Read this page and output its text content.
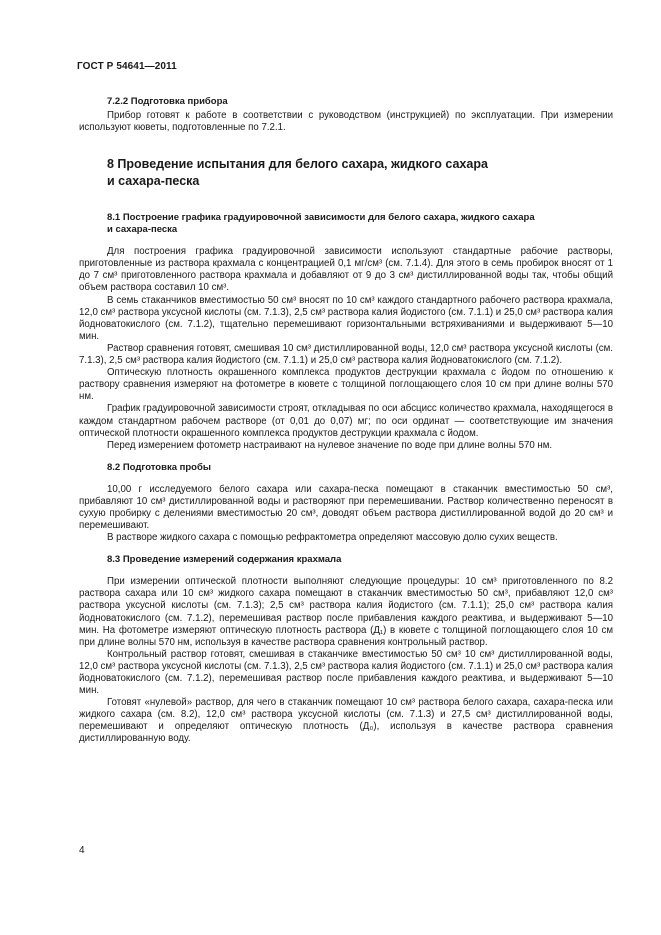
ГОСТ Р 54641—2011
7.2.2 Подготовка прибора

Прибор готовят к работе в соответствии с руководством (инструкцией) по эксплуатации. При измерении используют кюветы, подготовленные по 7.2.1.

8 Проведение испытания для белого сахара, жидкого сахара
и сахара-песка
8.1 Построение графика градуировочной зависимости для белого сахара, жидкого сахара
и сахара-песка

Для построения графика градуировочной зависимости используют стандартные рабочие растворы, приготовленные из раствора крахмала с концентрацией 0,1 мг/см³ (см. 7.1.4). Для этого в семь пробирок вносят от 1 до 7 см³ приготовленного раствора крахмала и добавляют от 9 до 3 см³ дистиллированной воды так, чтобы общий объем раствора составил 10 см³.

В семь стаканчиков вместимостью 50 см³ вносят по 10 см³ каждого стандартного рабочего раствора крахмала, 12,0 см³ раствора уксусной кислоты (см. 7.1.3), 2,5 см³ раствора калия йодистого (см. 7.1.1) и 25,0 см³ раствора калия йодноватокислого (см. 7.1.2), тщательно перемешивают горизонтальными встряхиваниями и выдерживают 5—10 мин.

Раствор сравнения готовят, смешивая 10 см³ дистиллированной воды, 12,0 см³ раствора уксусной кислоты (см. 7.1.3), 2,5 см³ раствора калия йодистого (см. 7.1.1) и 25,0 см³ раствора калия йодноватокислого (см. 7.1.2).

Оптическую плотность окрашенного комплекса продуктов деструкции крахмала с йодом по отношению к раствору сравнения измеряют на фотометре в кювете с толщиной поглощающего слоя 10 см при длине волны 570 нм.

График градуировочной зависимости строят, откладывая по оси абсцисс количество крахмала, находящегося в каждом стандартном рабочем растворе (от 0,01 до 0,07) мг; по оси ординат — соответствующие им значения оптической плотности окрашенного комплекса продуктов деструкции крахмала с йодом.

Перед измерением фотометр настраивают на нулевое значение по воде при длине волны 570 нм.

8.2 Подготовка пробы

10,00 г исследуемого белого сахара или сахара-песка помещают в стаканчик вместимостью 50 см³, прибавляют 10 см³ дистиллированной воды и растворяют при перемешивании. Раствор количественно переносят в сухую пробирку с делениями вместимостью 20 см³, доводят объем раствора дистиллированной водой до 20 см³ и перемешивают.

В растворе жидкого сахара с помощью рефрактометра определяют массовую долю сухих веществ.

8.3 Проведение измерений содержания крахмала

При измерении оптической плотности выполняют следующие процедуры: 10 см³ приготовленного по 8.2 раствора сахара или 10 см³ жидкого сахара помещают в стаканчик вместимостью 50 см³, прибавляют 12,0 см³ раствора уксусной кислоты (см. 7.1.3); 2,5 см³ раствора калия йодистого (см. 7.1.1); 25,0 см³ раствора калия йодноватокислого (см. 7.1.2), перемешивая раствор после прибавления каждого реактива, и выдерживают 5—10 мин. На фотометре измеряют оптическую плотность раствора (Д₁) в кювете с толщиной поглощающего слоя 10 см при длине волны 570 нм, используя в качестве раствора сравнения контрольный раствор.

Контрольный раствор готовят, смешивая в стаканчике вместимостью 50 см³ 10 см³ дистиллированной воды, 12,0 см³ раствора уксусной кислоты (см. 7.1.3), 2,5 см³ раствора калия йодистого (см. 7.1.1) и 25,0 см³ раствора калия йодноватокислого (см. 7.1.2), перемешивая раствор после прибавления каждого реактива, и выдерживают 5—10 мин.

Готовят «нулевой» раствор, для чего в стаканчик помещают 10 см³ раствора белого сахара, сахара-песка или жидкого сахара (см. 8.2), 12,0 см³ раствора уксусной кислоты (см. 7.1.3) и 27,5 см³ дистиллированной воды, перемешивают и определяют оптическую плотность (Д₀), используя в качестве раствора сравнения дистиллированную воду.

4
